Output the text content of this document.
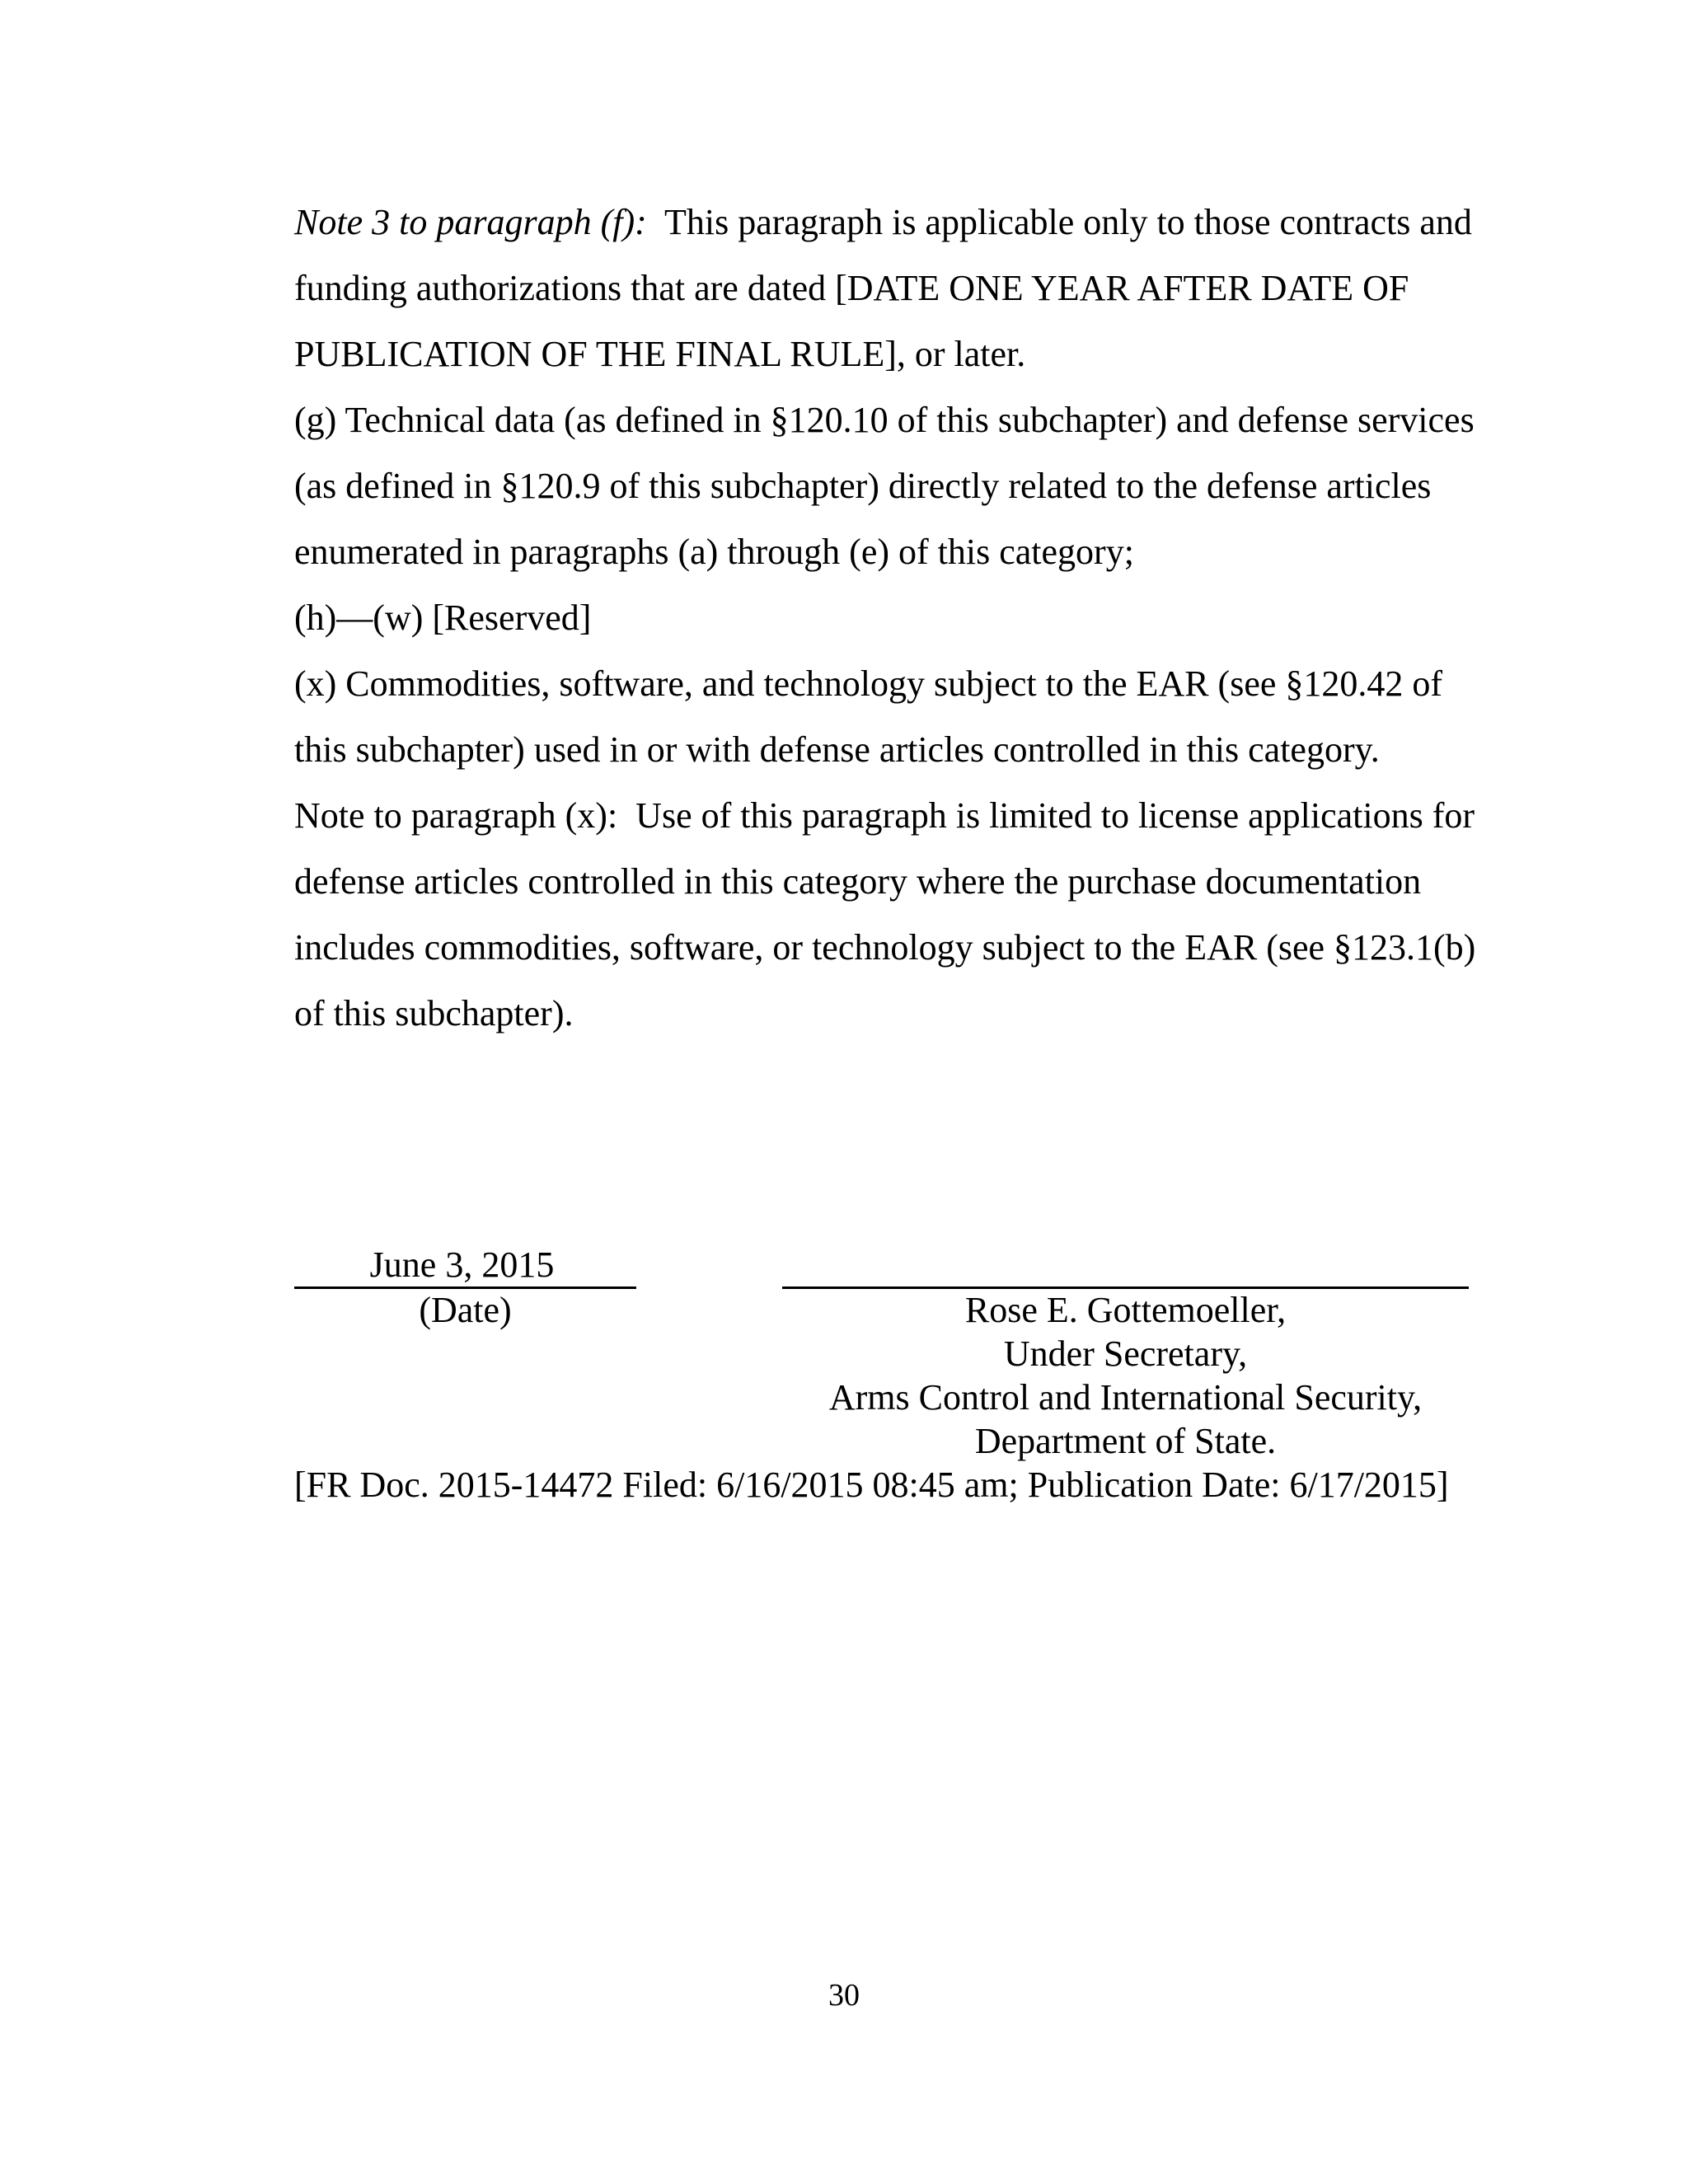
Note 3 to paragraph (f):  This paragraph is applicable only to those contracts and funding authorizations that are dated [DATE ONE YEAR AFTER DATE OF PUBLICATION OF THE FINAL RULE], or later.

(g) Technical data (as defined in §120.10 of this subchapter) and defense services (as defined in §120.9 of this subchapter) directly related to the defense articles enumerated in paragraphs (a) through (e) of this category;

(h)—(w) [Reserved]

(x) Commodities, software, and technology subject to the EAR (see §120.42 of this subchapter) used in or with defense articles controlled in this category.

Note to paragraph (x):  Use of this paragraph is limited to license applications for defense articles controlled in this category where the purchase documentation includes commodities, software, or technology subject to the EAR (see §123.1(b) of this subchapter).

June 3, 2015
(Date)	Rose E. Gottemoeller,
Under Secretary,
Arms Control and International Security,
Department of State.
[FR Doc. 2015-14472 Filed: 6/16/2015 08:45 am; Publication Date: 6/17/2015]
30
